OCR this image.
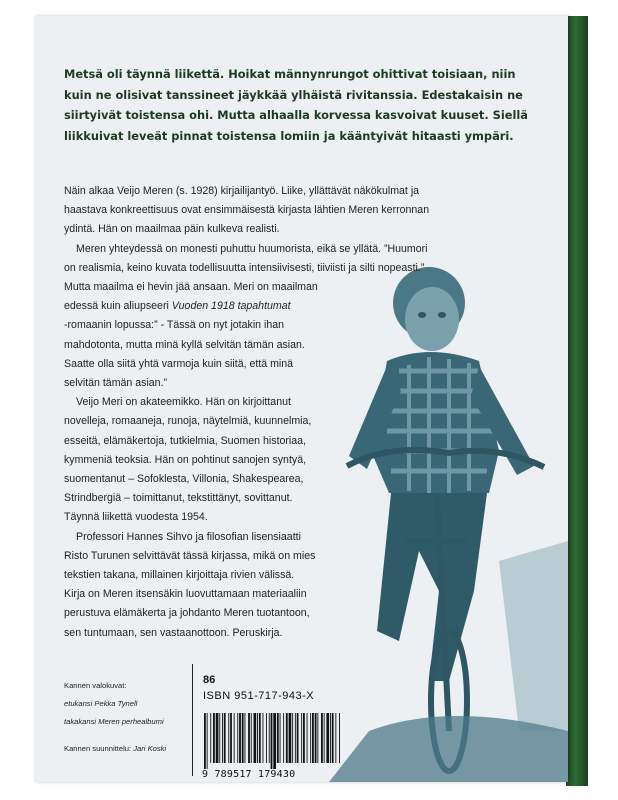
Metsä oli täynnä liikettä. Hoikat männynrungot ohittivat toisiaan, niin kuin ne olisivat tanssineet jäykkää ylhäistä rivitanssia. Edestakaisin ne siirtyivät toistensa ohi. Mutta alhaalla korvessa kasvoivat kuuset. Siellä liikkuivat leveät pinnat toistensa lomiin ja kääntyivät hitaasti ympäri.

Näin alkaa Veijo Meren (s. 1928) kirjailijantyö. Liike, yllättävät näkökulmat ja
haastava konkreettisuus ovat ensimmäisestä kirjasta lähtien Meren kerronnan
ydintä. Hän on maailmaa päin kulkeva realisti.
Meren yhteydessä on monesti puhuttu huumorista, eikä se yllätä. ”Huumori
on realismia, keino kuvata todellisuutta intensiivisesti, tiiviisti ja silti nopeasti.”
Mutta maailma ei hevin jää ansaan. Meri on maailman
edessä kuin aliupseeri Vuoden 1918 tapahtumat
-romaanin lopussa:” - Tässä on nyt jotakin ihan
mahdotonta, mutta minä kyllä selvitän tämän asian.
Saatte olla siitä yhtä varmoja kuin siitä, että minä
selvitän tämän asian.”
Veijo Meri on akateemikko. Hän on kirjoittanut
novelleja, romaaneja, runoja, näytelmiä, kuunnelmia,
esseitä, elämäkertoja, tutkielmia, Suomen historiaa,
kymmeniä teoksia. Hän on pohtinut sanojen syntyä,
suomentanut – Sofoklesta, Villonia, Shakespearea,
Strindbergiä – toimittanut, tekstittänyt, sovittanut.
Täynnä liikettä vuodesta 1954.
Professori Hannes Sihvo ja filosofian lisensiaatti
Risto Turunen selvittävät tässä kirjassa, mikä on mies
tekstien takana, millainen kirjoittaja rivien välissä.
Kirja on Meren itsensäkin luovuttamaan materiaaliin
perustuva elämäkerta ja johdanto Meren tuotantoon,
sen tuntumaan, sen vastaanottoon. Peruskirja.
Kannen valokuvat:
etukansi Pekka Tynell
takakansi Meren perhealbumi
Kannen suunnittelu: Jari Koski
86
ISBN 951-717-943-X
9 789517 179430
